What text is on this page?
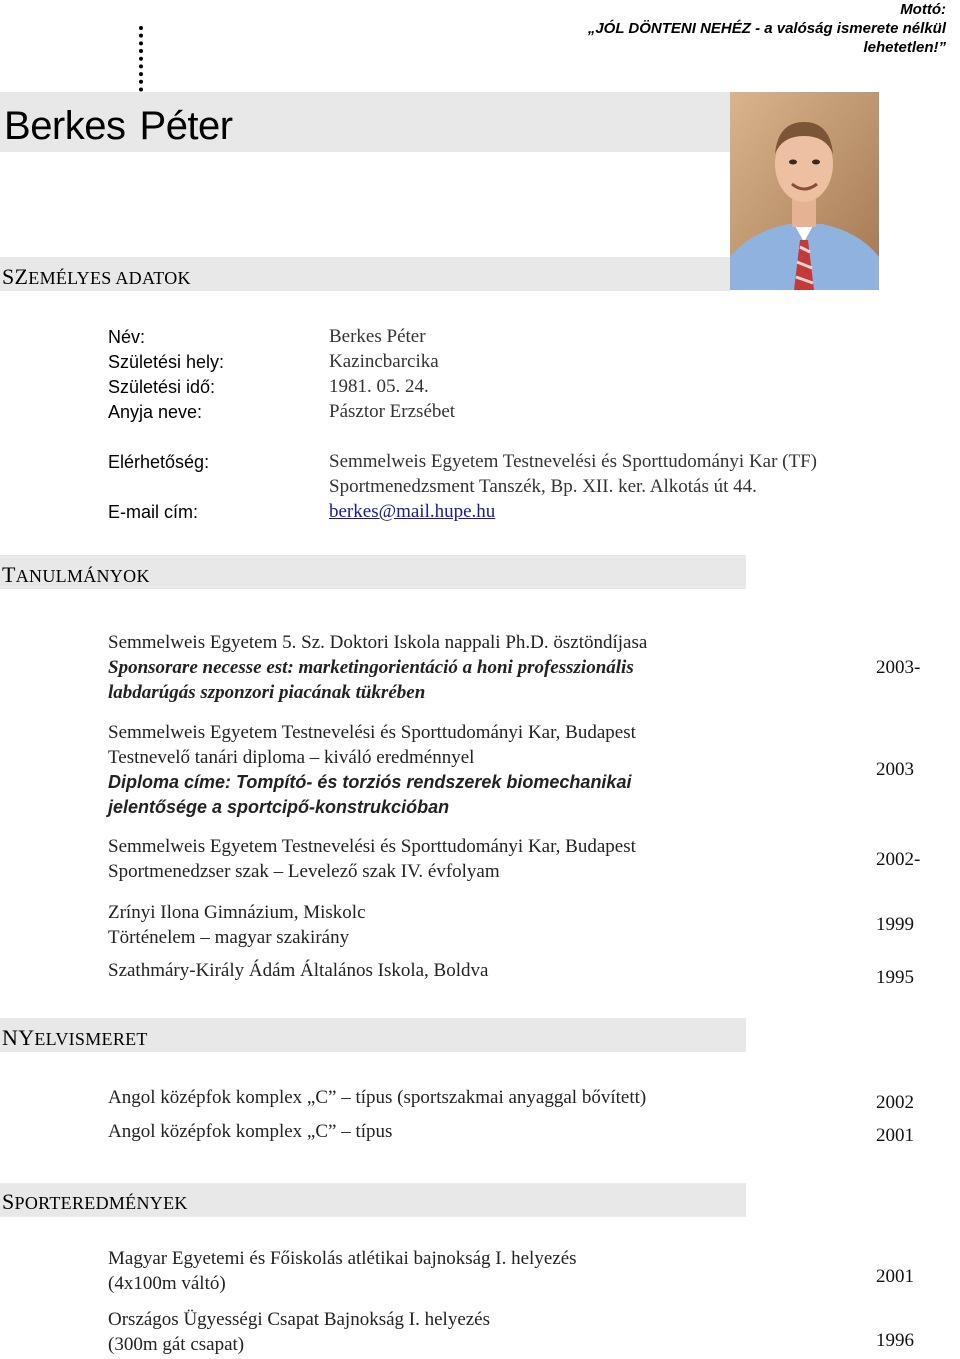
Mottó:
„JÓL DÖNTENI NEHÉZ - a valóság ismerete nélkül
lehetetlen!”
Berkes Péter
SZEMÉLYES ADATOK
Név:	Berkes Péter
Születési hely:	Kazincbarcika
Születési idő:	1981. 05. 24.
Anyja neve:	Pásztor Erzsébet
Elérhetőség:	Semmelweis Egyetem Testnevelési és Sporttudományi Kar (TF)
Sportmenedzsment Tanszék, Bp. XII. ker. Alkotás út 44.
E-mail cím:	berkes@mail.hupe.hu
TANULMÁNYOK
Semmelweis Egyetem 5. Sz. Doktori Iskola nappali Ph.D. ösztöndíjasa
Sponsorare necesse est: marketingorientáció a honi professzionális
labdarúgás szponzori piacának tükrében
2003-
Semmelweis Egyetem Testnevelési és Sporttudományi Kar, Budapest
Testnevelő tanári diploma – kiváló eredménnyel
Diploma címe: Tompító- és torziós rendszerek biomechanikai
jelentősége a sportcipő-konstrukcióban
2003
Semmelweis Egyetem Testnevelési és Sporttudományi Kar, Budapest
Sportmenedzser szak – Levelező szak IV. évfolyam
2002-
Zrínyi Ilona Gimnázium, Miskolc
Történelem – magyar szakirány
1999
Szathmáry-Király Ádám Általános Iskola, Boldva	1995
NYELVISMERET
Angol középfok komplex „C” – típus (sportszakmai anyaggal bővített)	2002
Angol középfok komplex „C” – típus	2001
SPORTEREDMÉNYEK
Magyar Egyetemi és Főiskolás atlétikai bajnokság I. helyezés
(4x100m váltó)	2001
Országos Ügyességi Csapat Bajnokság I. helyezés
(300m gát csapat)	1996
